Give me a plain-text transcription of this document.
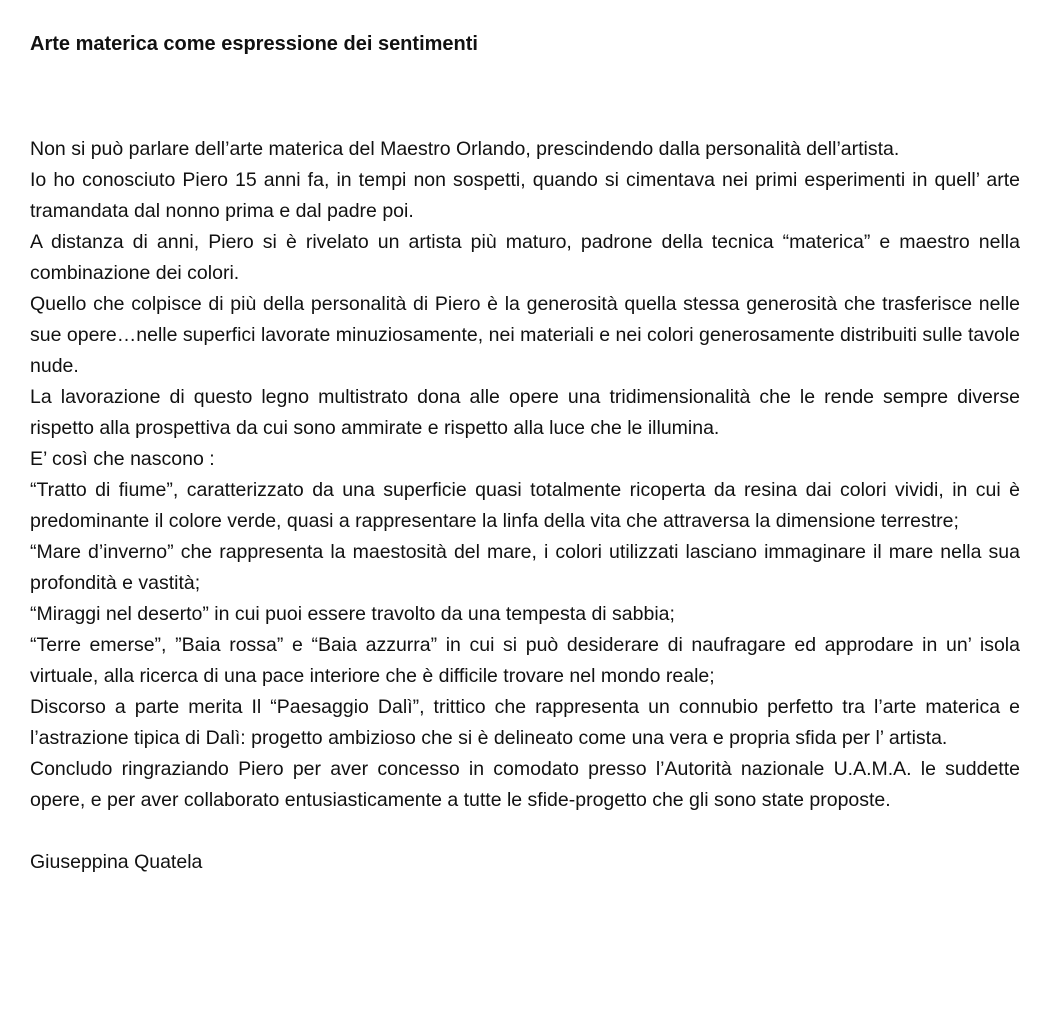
Arte materica come espressione dei sentimenti

Non si può parlare dell’arte materica del Maestro Orlando, prescindendo dalla personalità dell’artista.

Io ho conosciuto Piero 15 anni fa, in tempi non sospetti, quando si cimentava nei primi esperimenti in quell’ arte tramandata dal nonno prima e dal padre poi.

A distanza di anni, Piero si è rivelato un artista più maturo, padrone della tecnica “materica” e maestro nella combinazione dei colori.

Quello che colpisce di più della personalità di Piero è la generosità quella stessa generosità che trasferisce nelle sue opere…nelle superfici lavorate minuziosamente, nei materiali e nei colori generosamente distribuiti sulle tavole nude.

La lavorazione di questo legno multistrato dona alle opere una tridimensionalità che le rende sempre diverse rispetto alla prospettiva da cui sono ammirate e rispetto alla luce che le illumina.

E’ così che nascono :

“Tratto di fiume”, caratterizzato da una superficie quasi totalmente ricoperta da resina dai colori vividi, in cui è predominante il colore verde, quasi a rappresentare la linfa della vita che attraversa la dimensione terrestre;

“Mare d’inverno” che rappresenta la maestosità del mare, i colori utilizzati lasciano immaginare il mare nella sua profondità e vastità;

“Miraggi nel deserto” in cui puoi essere travolto da una tempesta di sabbia;

“Terre emerse”, ”Baia rossa” e “Baia azzurra” in cui si può desiderare di naufragare ed approdare in un’ isola virtuale, alla ricerca di una pace interiore che è difficile trovare nel mondo reale;

Discorso a parte merita Il “Paesaggio Dalì”, trittico che rappresenta un connubio perfetto tra l’arte materica e l’astrazione tipica di Dalì: progetto ambizioso che si è delineato come una vera e propria sfida per l’ artista.

Concludo ringraziando Piero per aver concesso in comodato presso l’Autorità nazionale U.A.M.A. le suddette opere, e per aver collaborato entusiasticamente a tutte le sfide-progetto che gli sono state proposte.

Giuseppina Quatela
